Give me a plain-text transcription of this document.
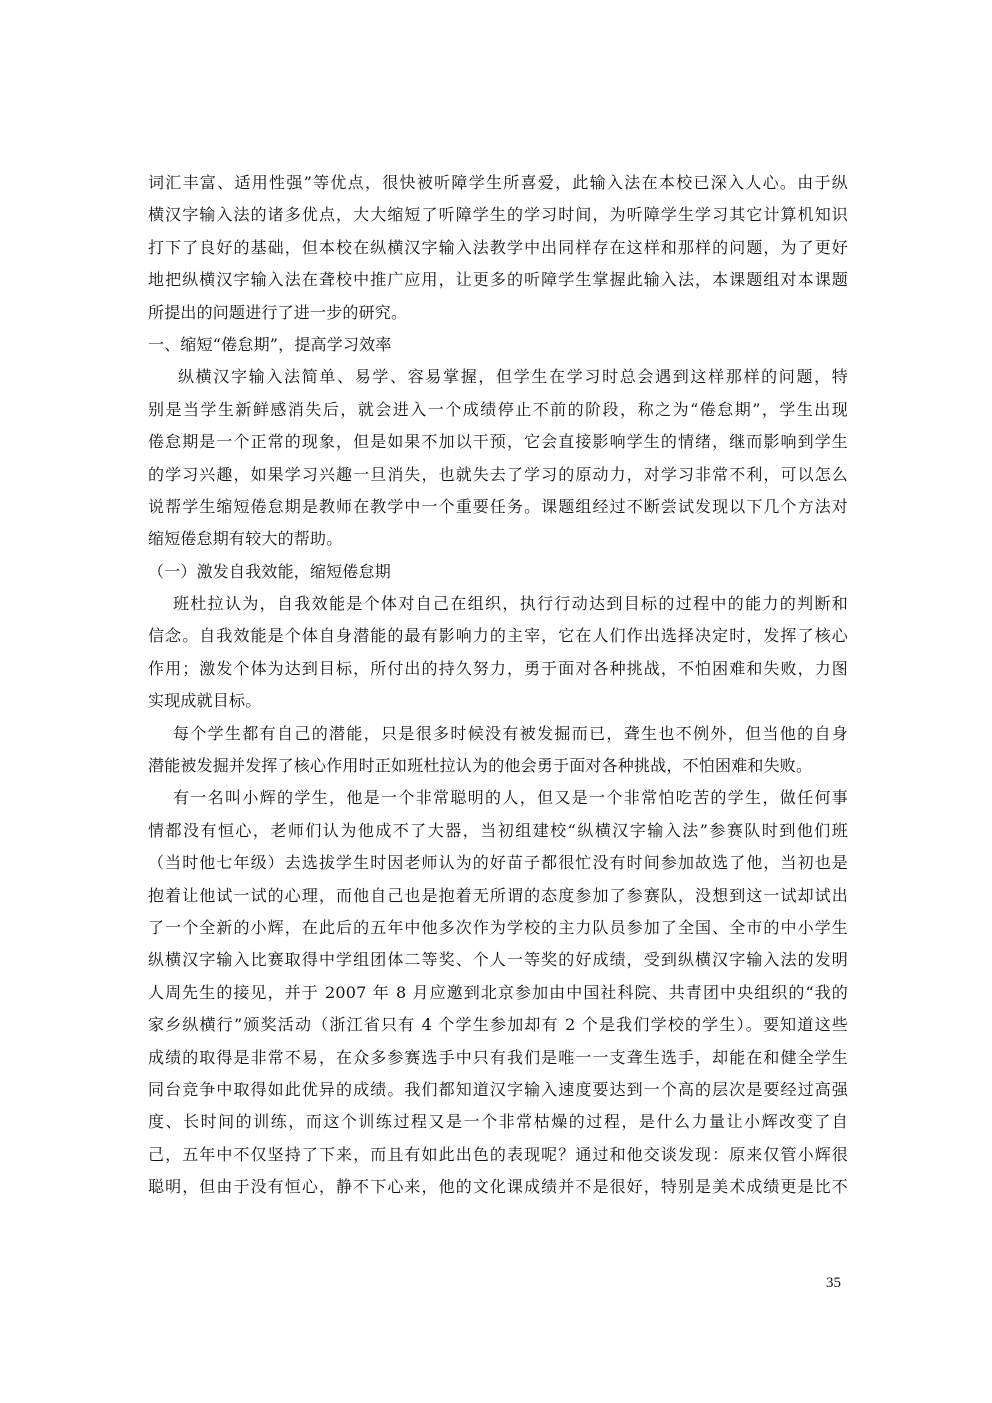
词汇丰富、适用性强”等优点，很快被听障学生所喜爱，此输入法在本校已深入人心。由于纵
横汉字输入法的诸多优点，大大缩短了听障学生的学习时间，为听障学生学习其它计算机知识
打下了良好的基础，但本校在纵横汉字输入法教学中出同样存在这样和那样的问题，为了更好
地把纵横汉字输入法在聋校中推广应用，让更多的听障学生掌握此输入法，本课题组对本课题
所提出的问题进行了进一步的研究。
一、缩短“倦怠期”，提高学习效率
纵横汉字输入法简单、易学、容易掌握，但学生在学习时总会遇到这样那样的问题，特
别是当学生新鲜感消失后，就会进入一个成绩停止不前的阶段，称之为“倦怠期”，学生出现
倦怠期是一个正常的现象，但是如果不加以干预，它会直接影响学生的情绪，继而影响到学生
的学习兴趣，如果学习兴趣一旦消失，也就失去了学习的原动力，对学习非常不利，可以怎么
说帮学生缩短倦怠期是教师在教学中一个重要任务。课题组经过不断尝试发现以下几个方法对
缩短倦怠期有较大的帮助。
（一）激发自我效能，缩短倦怠期
班杜拉认为，自我效能是个体对自己在组织，执行行动达到目标的过程中的能力的判断和
信念。自我效能是个体自身潜能的最有影响力的主宰，它在人们作出选择决定时，发挥了核心
作用；激发个体为达到目标，所付出的持久努力，勇于面对各种挑战，不怕困难和失败，力图
实现成就目标。
每个学生都有自己的潜能，只是很多时候没有被发掘而已，聋生也不例外，但当他的自身
潜能被发掘并发挥了核心作用时正如班杜拉认为的他会勇于面对各种挑战，不怕困难和失败。
有一名叫小辉的学生，他是一个非常聪明的人，但又是一个非常怕吃苦的学生，做任何事
情都没有恒心，老师们认为他成不了大器，当初组建校“纵横汉字输入法”参赛队时到他们班
（当时他七年级）去选拔学生时因老师认为的好苗子都很忙没有时间参加故选了他，当初也是
抱着让他试一试的心理，而他自己也是抱着无所谓的态度参加了参赛队，没想到这一试却试出
了一个全新的小辉，在此后的五年中他多次作为学校的主力队员参加了全国、全市的中小学生
纵横汉字输入比赛取得中学组团体二等奖、个人一等奖的好成绩，受到纵横汉字输入法的发明
人周先生的接见，并于 2007 年 8 月应邀到北京参加由中国社科院、共青团中央组织的“我的
家乡纵横行”颁奖活动（浙江省只有 4 个学生参加却有 2 个是我们学校的学生）。要知道这些
成绩的取得是非常不易，在众多参赛选手中只有我们是唯一一支聋生选手，却能在和健全学生
同台竞争中取得如此优异的成绩。我们都知道汉字输入速度要达到一个高的层次是要经过高强
度、长时间的训练，而这个训练过程又是一个非常枯燥的过程，是什么力量让小辉改变了自
己，五年中不仅坚持了下来，而且有如此出色的表现呢？通过和他交谈发现：原来仅管小辉很
聪明，但由于没有恒心，静不下心来，他的文化课成绩并不是很好，特别是美术成绩更是比不
35
